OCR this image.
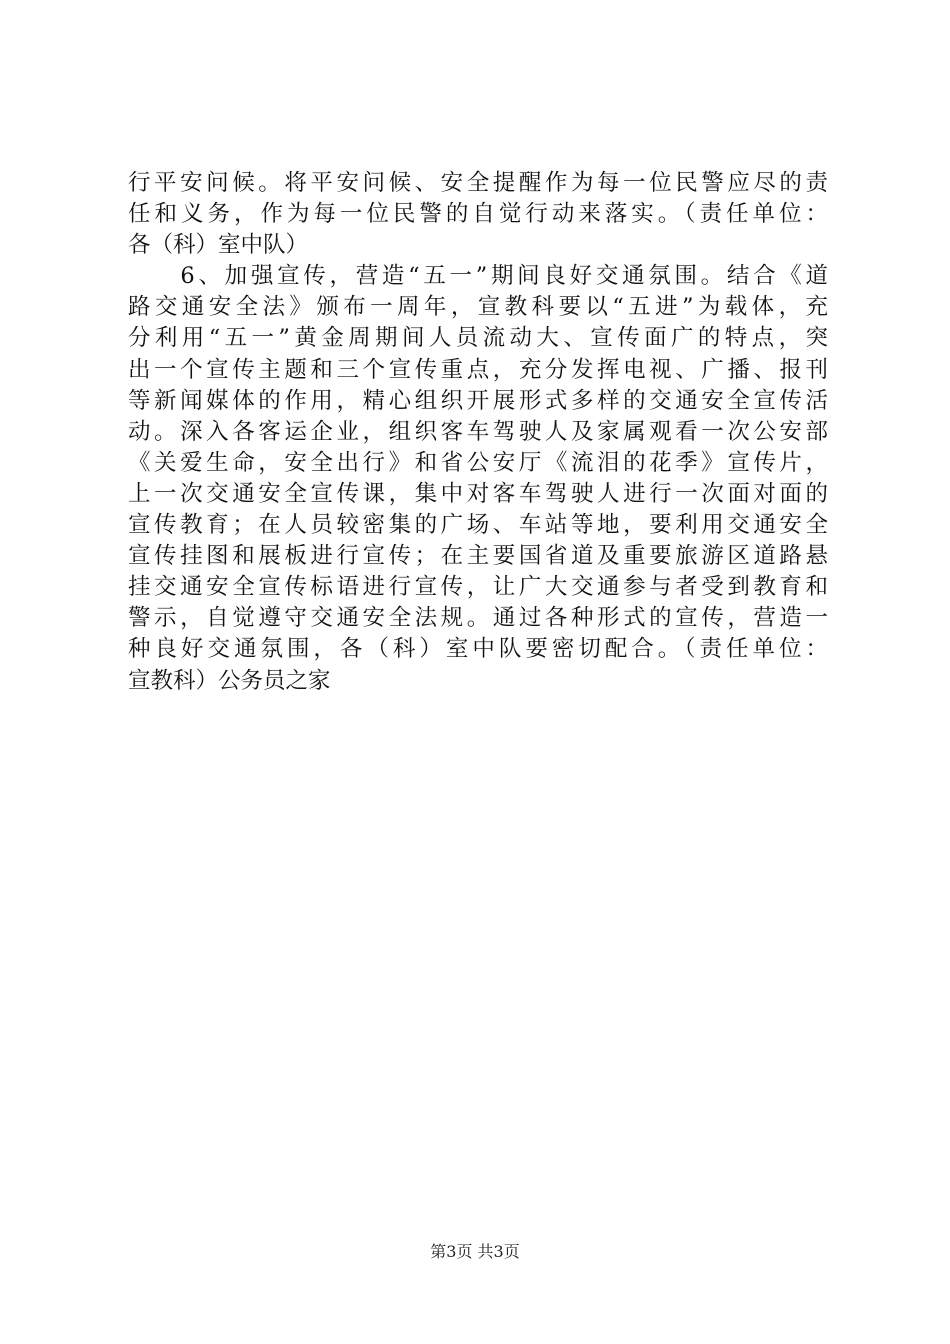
行平安问候。将平安问候、安全提醒作为每一位民警应尽的责
任和义务，作为每一位民警的自觉行动来落实。（责任单位：
各（科）室中队）
　　6、加强宣传，营造“五一”期间良好交通氛围。结合《道
路交通安全法》颁布一周年，宣教科要以“五进”为载体，充
分利用“五一”黄金周期间人员流动大、宣传面广的特点，突
出一个宣传主题和三个宣传重点，充分发挥电视、广播、报刊
等新闻媒体的作用，精心组织开展形式多样的交通安全宣传活
动。深入各客运企业，组织客车驾驶人及家属观看一次公安部
《关爱生命，安全出行》和省公安厅《流泪的花季》宣传片，
上一次交通安全宣传课，集中对客车驾驶人进行一次面对面的
宣传教育；在人员较密集的广场、车站等地，要利用交通安全
宣传挂图和展板进行宣传；在主要国省道及重要旅游区道路悬
挂交通安全宣传标语进行宣传，让广大交通参与者受到教育和
警示，自觉遵守交通安全法规。通过各种形式的宣传，营造一
种良好交通氛围，各（科）室中队要密切配合。（责任单位：
宣教科）公务员之家
第3页 共3页
